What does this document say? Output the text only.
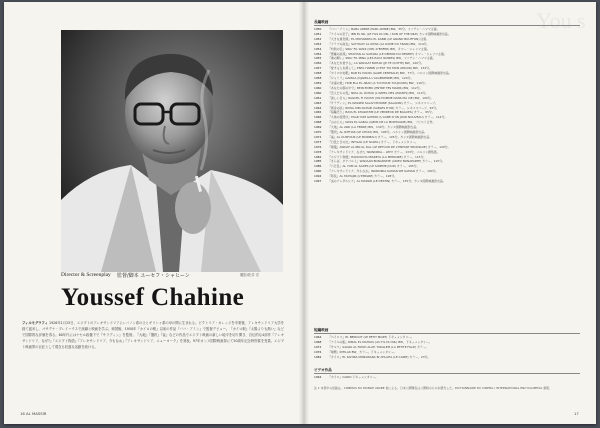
撮影/松井 宏
Director & Screenplay 監督/脚本 ユーセフ・シャヒーン
Youssef Chahine
フィルモグラフィ 1926年1月25日、エジプトのアレキサンドリアにレバノン系の父とギリシャ系の母の間に生まれる。ビクトリア・カレッジを卒業後、アレキサンドリア大学を経て渡米し、パサデナ・プレイハウスで演劇と映画を学ぶ。帰国後、1950年『カイロの駅』以前の作品『ババ・アミン』で監督デビュー。『カイロ駅』『太陽よりも熱い』などで国際的な評価を得る。60年代にはナセル政権下で『サラディン』を監督。『大地』『選択』『雀』などの作品でエジプト映画の新しい地平を切り開き、自伝的な4部作『アレキサンドリア、なぜ?』『エジプト物語』『アレキサンドリア、今もなお』『アレキサンドリア、ニューヨーク』を発表。97年カンヌ国際映画祭にて50周年記念特別賞を受賞。エジプト映画界の巨匠として現在も旺盛な活動を続ける。
16 AL MASSIR
You s
長編映画
1950	『ババ・アミン』BABA AMINE (PAPA AMINE) BW、35分。ファテン・ハママ主演。
1951	『ナイルの息子』IBN EL NIL (LE FILS DU NIL / SON OF THE NILE) カンヌ国際映画祭出品。
1952	『大きな道化師』EL MOHARREG EL KABIR (LE GRAND BOUFFON) 白黒。
1953	『アラブの淑女』SAYYIDAT AL KITAR (LA DAME DU TRAIN) BW、114分。
1954	『灼熱の空』SIRA' FIL WADI (CIEL D'ENFER) BW、オマー・シャリフ主演。
1954	『悪魔の砂漠』SHAITAN AL SAHARA (LE DEMON DU DESERT) オマー・シャリフ主演。
1955	『港の闘い』SIRA' FIL MINA (LES EAUX NOIRES) BW、ファテン・ハママ主演。
1956	『あなたを愛する』LA WADAAT BOHAK (JE TE QUITTE) BW、120分。
1957	『愛する人を探して』ENTA HABIBI (C'EST TOI MON AMOUR) BW、134分。
1958	『カイロ中央駅』BAB EL HADID (GARE CENTRALE) BW、77分。ベルリン国際映画祭出品。
1958	『ジャミラ』GAMILA (DJAMILA L'ALGERIENNE) BW、120分。
1959	『永遠の愛』HOB ELA EL ABAD (A TOI POUR TOUJOURS) BW、110分。
1960	『あなたの腕の中で』BEIN EDEIK (ENTRE TES MAINS) BW、112分。
1960	『恋人たちの夜』NIDA AL OCHAK (L'APPEL DES AMANTS) BW、114分。
1961	『美しい日々』RAGUEL FI HAYATI (UN HOMME DANS MA VIE) BW、100分。
1963	『サラディン』EL NASSER SALAH EDDINE (SALADIN) カラー、シネマスコープ。
1964	『黄金の砂』RIMAL MIN DAHAB (SABLES D'OR) カラー、シネマスコープ、93分。
1965	『指輪売り』BAYA EL KHAWATIM (LE VENDEUR DE BAGUES) カラー、95分。
1966	『大地の夜明け』FAGR YOM GUEDID (L'AUBE D'UN JOUR NOUVEAU) カラー、114分。
1968	『山の人々』NASS EL GABAL (GENS DE LA MONTAGNE) BW、ソビエト合作。
1969	『大地』AL ARD (LA TERRE) BW、130分。カンヌ国際映画祭出品。
1970	『選択』AL IKHTIAR (LE CHOIX) BW、108分。ベルリン国際映画祭出品。
1972	『雀』AL OUSFOUR (LE MOINEAU) カラー、105分。カンヌ国際映画祭出品。
1973	『日没と日の出』INTILAK (LE SOLEIL) カラー、ドキュメンタリー。
1976	『帰還』AWDAT AL IBN AL DAL (LE RETOUR DE L'ENFANT PRODIGUE) カラー、120分。
1978	『アレキサンドリア、なぜ?』ISKINDIRIA... LEH? カラー、133分。ベルリン銀熊賞。
1982	『エジプト物語』HADDOUTA MISREYA (LA MEMOIRE) カラー、115分。
1985	『さらば、ボナパルト』WADAAN BONAPARTE (ADIEU BONAPARTE) カラー、115分。
1986	『六日目』AL YOM AL SADES (LE SIXIEME JOUR) カラー、105分。
1990	『アレキサンドリア、今もなお』ISKINDIRIA KAMAN WE KAMAN カラー、100分。
1994	『移民』AL MUHAJIR (L'EMIGRE) カラー、128分。
1997	『炎のアンダルシア』AL MASSIR (LE DESTIN) カラー、135分。カンヌ国際映画祭出品。
短編映画
1964	『ペイロス』EL BEIROUT (LE PETIT MORT) ドキュメンタリー。
1968	『ナイルの船』RIMAL EL MAHAYA (AU FIL DU NIL) BW、ドキュメンタリー。
1972	『サルワ』SALWA AL FATAH ALATI TOKALEM (LA PETITE FILLE) カラー。
1976	『帰郷』INTILAK BW、カラー。ドキュメンタリー。
1982	『カイロ』EL KAHIRA MONAWARA BI AHLAHA (LE CAIRE) カラー、23分。
ビデオ作品
1994	『カイロ』CAIRO ドキュメンタリー。
注 1 本書中の記載は、CINEMAS DU MONDE ARABE 他による。日本公開題名は公開時のものを優先した。DICTIONNAIRE DU CINEMA / INTERNATIONAL ENCYCLOPEDIA 参照。
17
